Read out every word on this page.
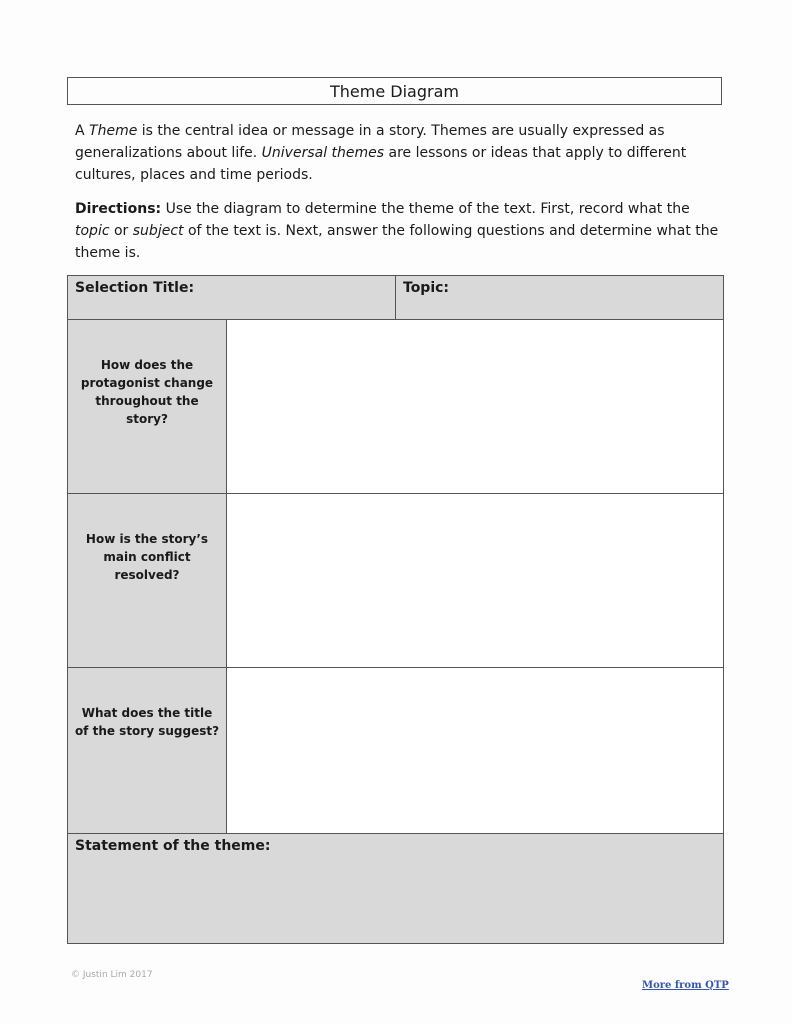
Theme Diagram
A Theme is the central idea or message in a story. Themes are usually expressed as generalizations about life. Universal themes are lessons or ideas that apply to different cultures, places and time periods.
Directions: Use the diagram to determine the theme of the text. First, record what the topic or subject of the text is. Next, answer the following questions and determine what the theme is.
Selection Title:	Topic:
How does the protagonist change throughout the story?
How is the story’s main conflict resolved?
What does the title of the story suggest?
Statement of the theme:
© Justin Lim 2017
More from QTP
